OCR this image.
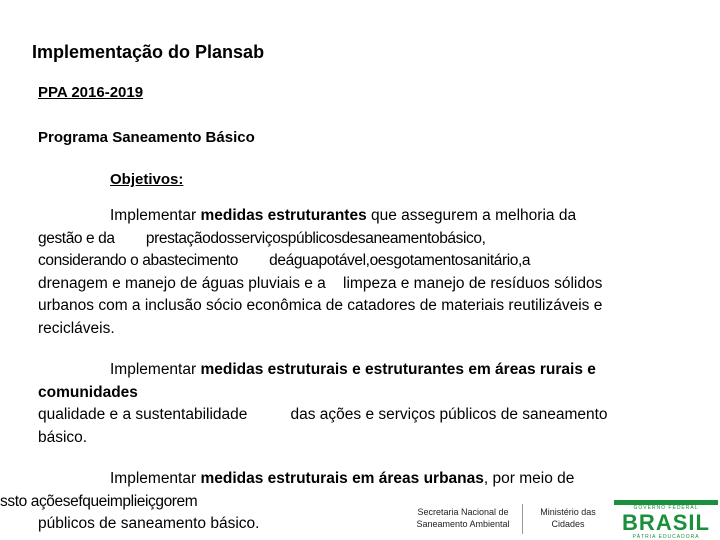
Implementação do Plansab
PPA 2016-2019
Programa Saneamento Básico
Objetivos:
Implementar medidas estruturantes que assegurem a melhoria da
gestão e da        prestaçãodosserviçospúblicosdesaneamentobásico,
considerando o abastecimento        deáguapotável,oesgotamentosanitário,a
drenagem e manejo de águas pluviais e a    limpeza e manejo de resíduos sólidos
urbanos com a inclusão sócio econômica de catadores de materiais reutilizáveis e
recicláveis.
Implementar medidas estruturais e estruturantes em áreas rurais e
comunidades
qualidade e a sustentabilidade          das ações e serviços públicos de saneamento
básico.
Implementar medidas estruturais em áreas urbanas, por meio de
ssto açõesefqueimplieiçgorem
públicos de saneamento básico.
Secretaria Nacional de Saneamento Ambiental
Ministério das Cidades
GOVERNO FEDERAL
BRASIL
PÁTRIA EDUCADORA
